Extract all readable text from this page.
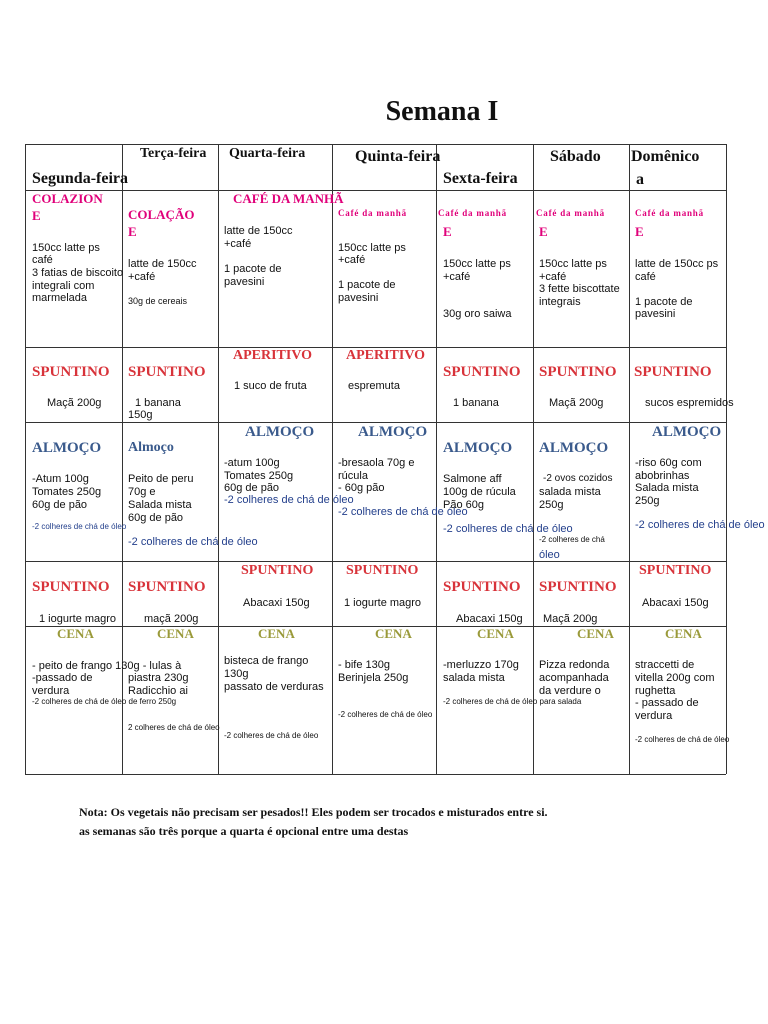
Semana I
Segunda-feira
Terça-feira Quarta-feira	Quinta-feira
Sexta-feira
Sábado Domênico
a
COLAZION
E
150cc latte ps
café
3 fatias de biscoito
integrali com
marmelada
COLAÇÃO
E
latte de 150cc
+café
30g de cereais
CAFÉ DA MANHÃ
latte de 150cc
+café
1 pacote de
pavesini
Café da manhã
150cc latte ps
+café
1 pacote de
pavesini
Café da manhã
E
150cc latte ps
+café
30g oro saiwa
Café da manhã
E
150cc latte ps
+café
3 fette biscottate
integrais
Café da manhã
E
latte de 150cc ps
café
1 pacote de
pavesini
SPUNTINO
Maçã 200g
SPUNTINO
1 banana
150g
APERITIVO
1 suco de fruta
APERITIVO
espremuta
SPUNTINO
1 banana
SPUNTINO
Maçã 200g
SPUNTINO
sucos espremidos
ALMOÇO
-Atum 100g
Tomates 250g
60g de pão
-2 colheres de chá de óleo
Almoço
Peito de peru
70g e
Salada mista
60g de pão
-2 colheres de chá de óleo
ALMOÇO
-atum 100g
Tomates 250g
60g de pão
-2 colheres de chá de óleo
ALMOÇO
-bresaola 70g e
rúcula
- 60g pão
-2 colheres de chá de óleo
ALMOÇO
Salmone aff
100g de rúcula
Pão 60g
-2 colheres de chá de óleo
ALMOÇO
-2 ovos cozidos
salada mista
250g
-2 colheres de chá
óleo
ALMOÇO
-riso 60g com
abobrinhas
Salada mista
250g
-2 colheres de chá de óleo
SPUNTINO
1 iogurte magro
SPUNTINO
maçã 200g
SPUNTINO
Abacaxi 150g
SPUNTINO
1 iogurte magro
SPUNTINO
Abacaxi 150g
SPUNTINO
Maçã 200g
SPUNTINO
Abacaxi 150g
CENA
- peito de frango 130g - lulas à
-passado de
verdura
-2 colheres de chá de óleo de ferro 250g
CENA
piastra 230g
Radicchio ai
2 colheres de chá de óleo
CENA
bisteca de frango
130g
passato de verduras
-2 colheres de chá de óleo
CENA
- bife 130g
Berinjela 250g
-2 colheres de chá de óleo
CENA
-merluzzo 170g
salada mista
-2 colheres de chá de óleo para salada
CENA
Pizza redonda
acompanhada
da verdure o
CENA
straccetti de
vitella 200g com
rughetta
- passado de
verdura
-2 colheres de chá de óleo
Nota: Os vegetais não precisam ser pesados!! Eles podem ser trocados e misturados entre si.
as semanas são três porque a quarta é opcional entre uma destas
